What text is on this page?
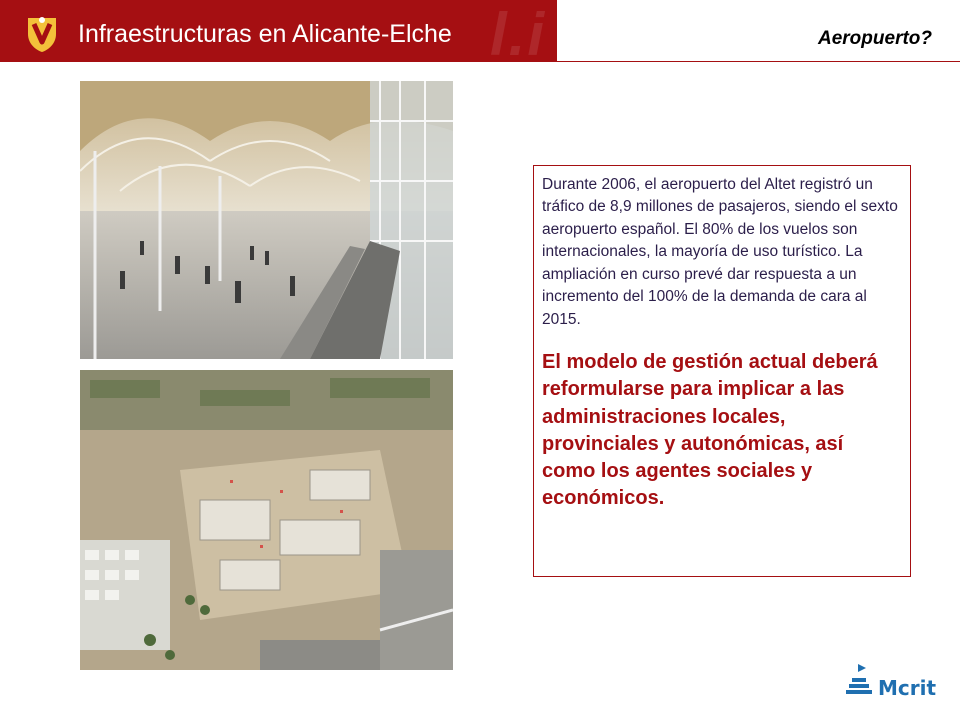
l.i
Infraestructuras en Alicante-Elche	Aeropuerto?

Durante 2006, el aeropuerto del Altet registró un tráfico de 8,9 millones de pasajeros, siendo el sexto aeropuerto español. El 80% de los vuelos son internacionales, la mayoría de uso turístico. La ampliación en curso prevé dar respuesta a un incremento del 100% de la demanda de cara al 2015.

El modelo de gestión actual deberá reformularse para implicar a las administraciones locales, provinciales y autonómicas, así como los agentes sociales y económicos.

Mcrit
